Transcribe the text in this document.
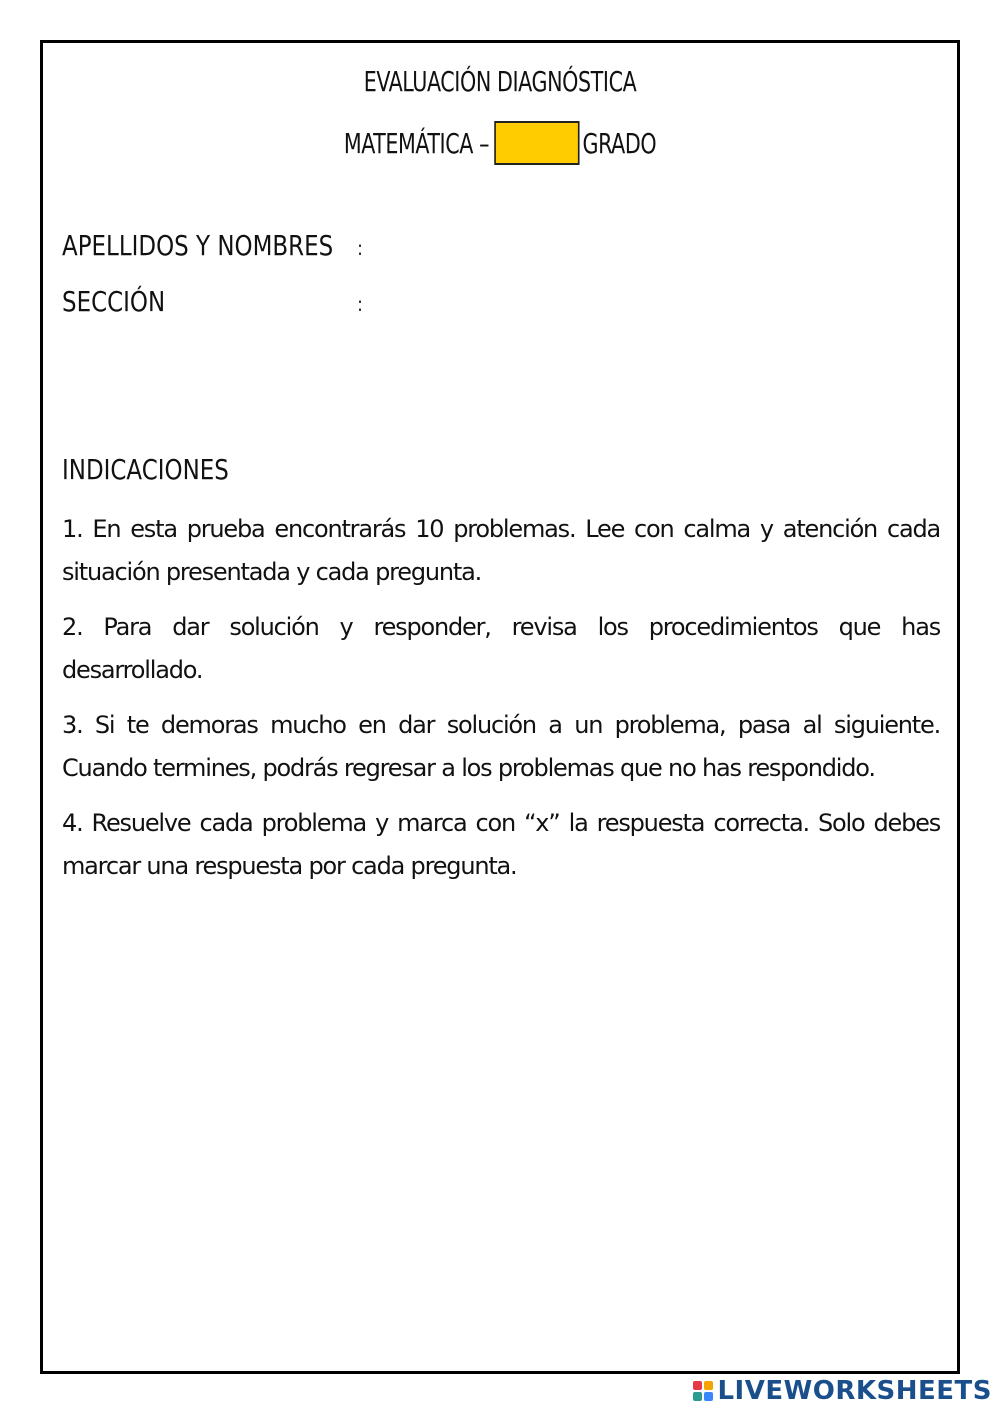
EVALUACIÓN DIAGNÓSTICA
MATEMÁTICA –	GRADO
APELLIDOS Y NOMBRES :
SECCIÓN	:
INDICACIONES

1. En esta prueba encontrarás 10 problemas. Lee con calma y atención cada situación presentada y cada pregunta.

2. Para dar solución y responder, revisa los procedimientos que has desarrollado.

3. Si te demoras mucho en dar solución a un problema, pasa al siguiente. Cuando termines, podrás regresar a los problemas que no has respondido.

4. Resuelve cada problema y marca con “x” la respuesta correcta. Solo debes marcar una respuesta por cada pregunta.

LIVEWORKSHEETS
